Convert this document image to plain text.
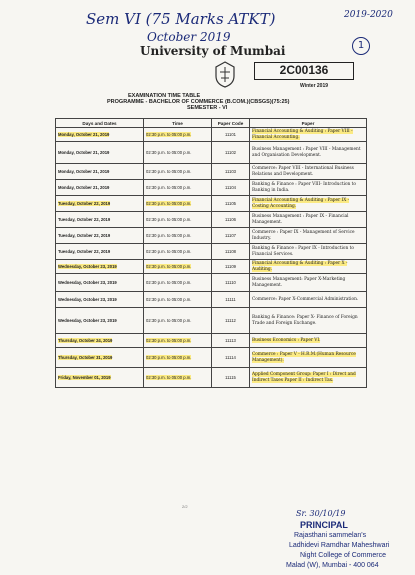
Sem VI (75 Marks ATKT)	2019-2020
October 2019
1
University of Mumbai
2C00136
Winter 2019
EXAMINATION TIME TABLE
PROGRAMME - BACHELOR OF COMMERCE (B.COM.)(CBSGS)(75:25)
SEMESTER - VI
Days and Dates	Time	Paper Code	Paper
Monday, October 21, 2019	02:30 p.m. to 05:00 p.m.	11101	Financial Accounting & Auditing : Paper VIII - Financial Accounting.
Monday, October 21, 2019	02:30 p.m. to 05:00 p.m.	11102	Business Management : Paper VIII - Management and Organisation Development.
Monday, October 21, 2019	02:30 p.m. to 05:00 p.m.	11103	Commerce: Paper VIII - International Business Relations and Development.
Monday, October 21, 2019	02:30 p.m. to 05:00 p.m.	11104	Banking & Finance : Paper VIII- Introduction to Banking in India.
Tuesday, October 22, 2019	02:30 p.m. to 05:00 p.m.	11105	Financial Accounting & Auditing : Paper IX - Costing Accounting.
Tuesday, October 22, 2019	02:30 p.m. to 05:00 p.m.	11106	Business Management : Paper IX - Financial Management.
Tuesday, October 22, 2019	02:30 p.m. to 05:00 p.m.	11107	Commerce : Paper IX - Management of Service Industry.
Tuesday, October 22, 2019	02:30 p.m. to 05:00 p.m.	11108	Banking & Finance : Paper IX - Introduction to Financial Services.
Wednesday, October 23, 2019	02:30 p.m. to 05:00 p.m.	11109	Financial Accounting & Auditing : Paper X - Auditing.
Wednesday, October 23, 2019	02:30 p.m. to 05:00 p.m.	11110	Business Management: Paper X-Marketing Management.
Wednesday, October 23, 2019	02:30 p.m. to 05:00 p.m.	11111	Commerce: Paper X-Commercial Administration.
Wednesday, October 23, 2019	02:30 p.m. to 05:00 p.m.	11112	Banking & Finance: Paper X- Finance of Foreign Trade and Foreign Exchange.
Thursday, October 24, 2019	02:30 p.m. to 05:00 p.m.	11113	Business Economics : Paper VI.
Thursday, October 31, 2019	02:30 p.m. to 05:00 p.m.	11114	Commerce : Paper V - H.R.M.(Human Resource Management).
Friday, November 01, 2019	02:30 p.m. to 05:00 p.m.	11115	Applied Component Group: Paper I : Direct and Indirect Taxes Paper II : Indirect Tax.
2/2
Sr. 30/10/19
PRINCIPAL
Rajasthani sammelan's
Ladhidevi Ramdhar Maheshwari
Night College of Commerce
Malad (W), Mumbai - 400 064
